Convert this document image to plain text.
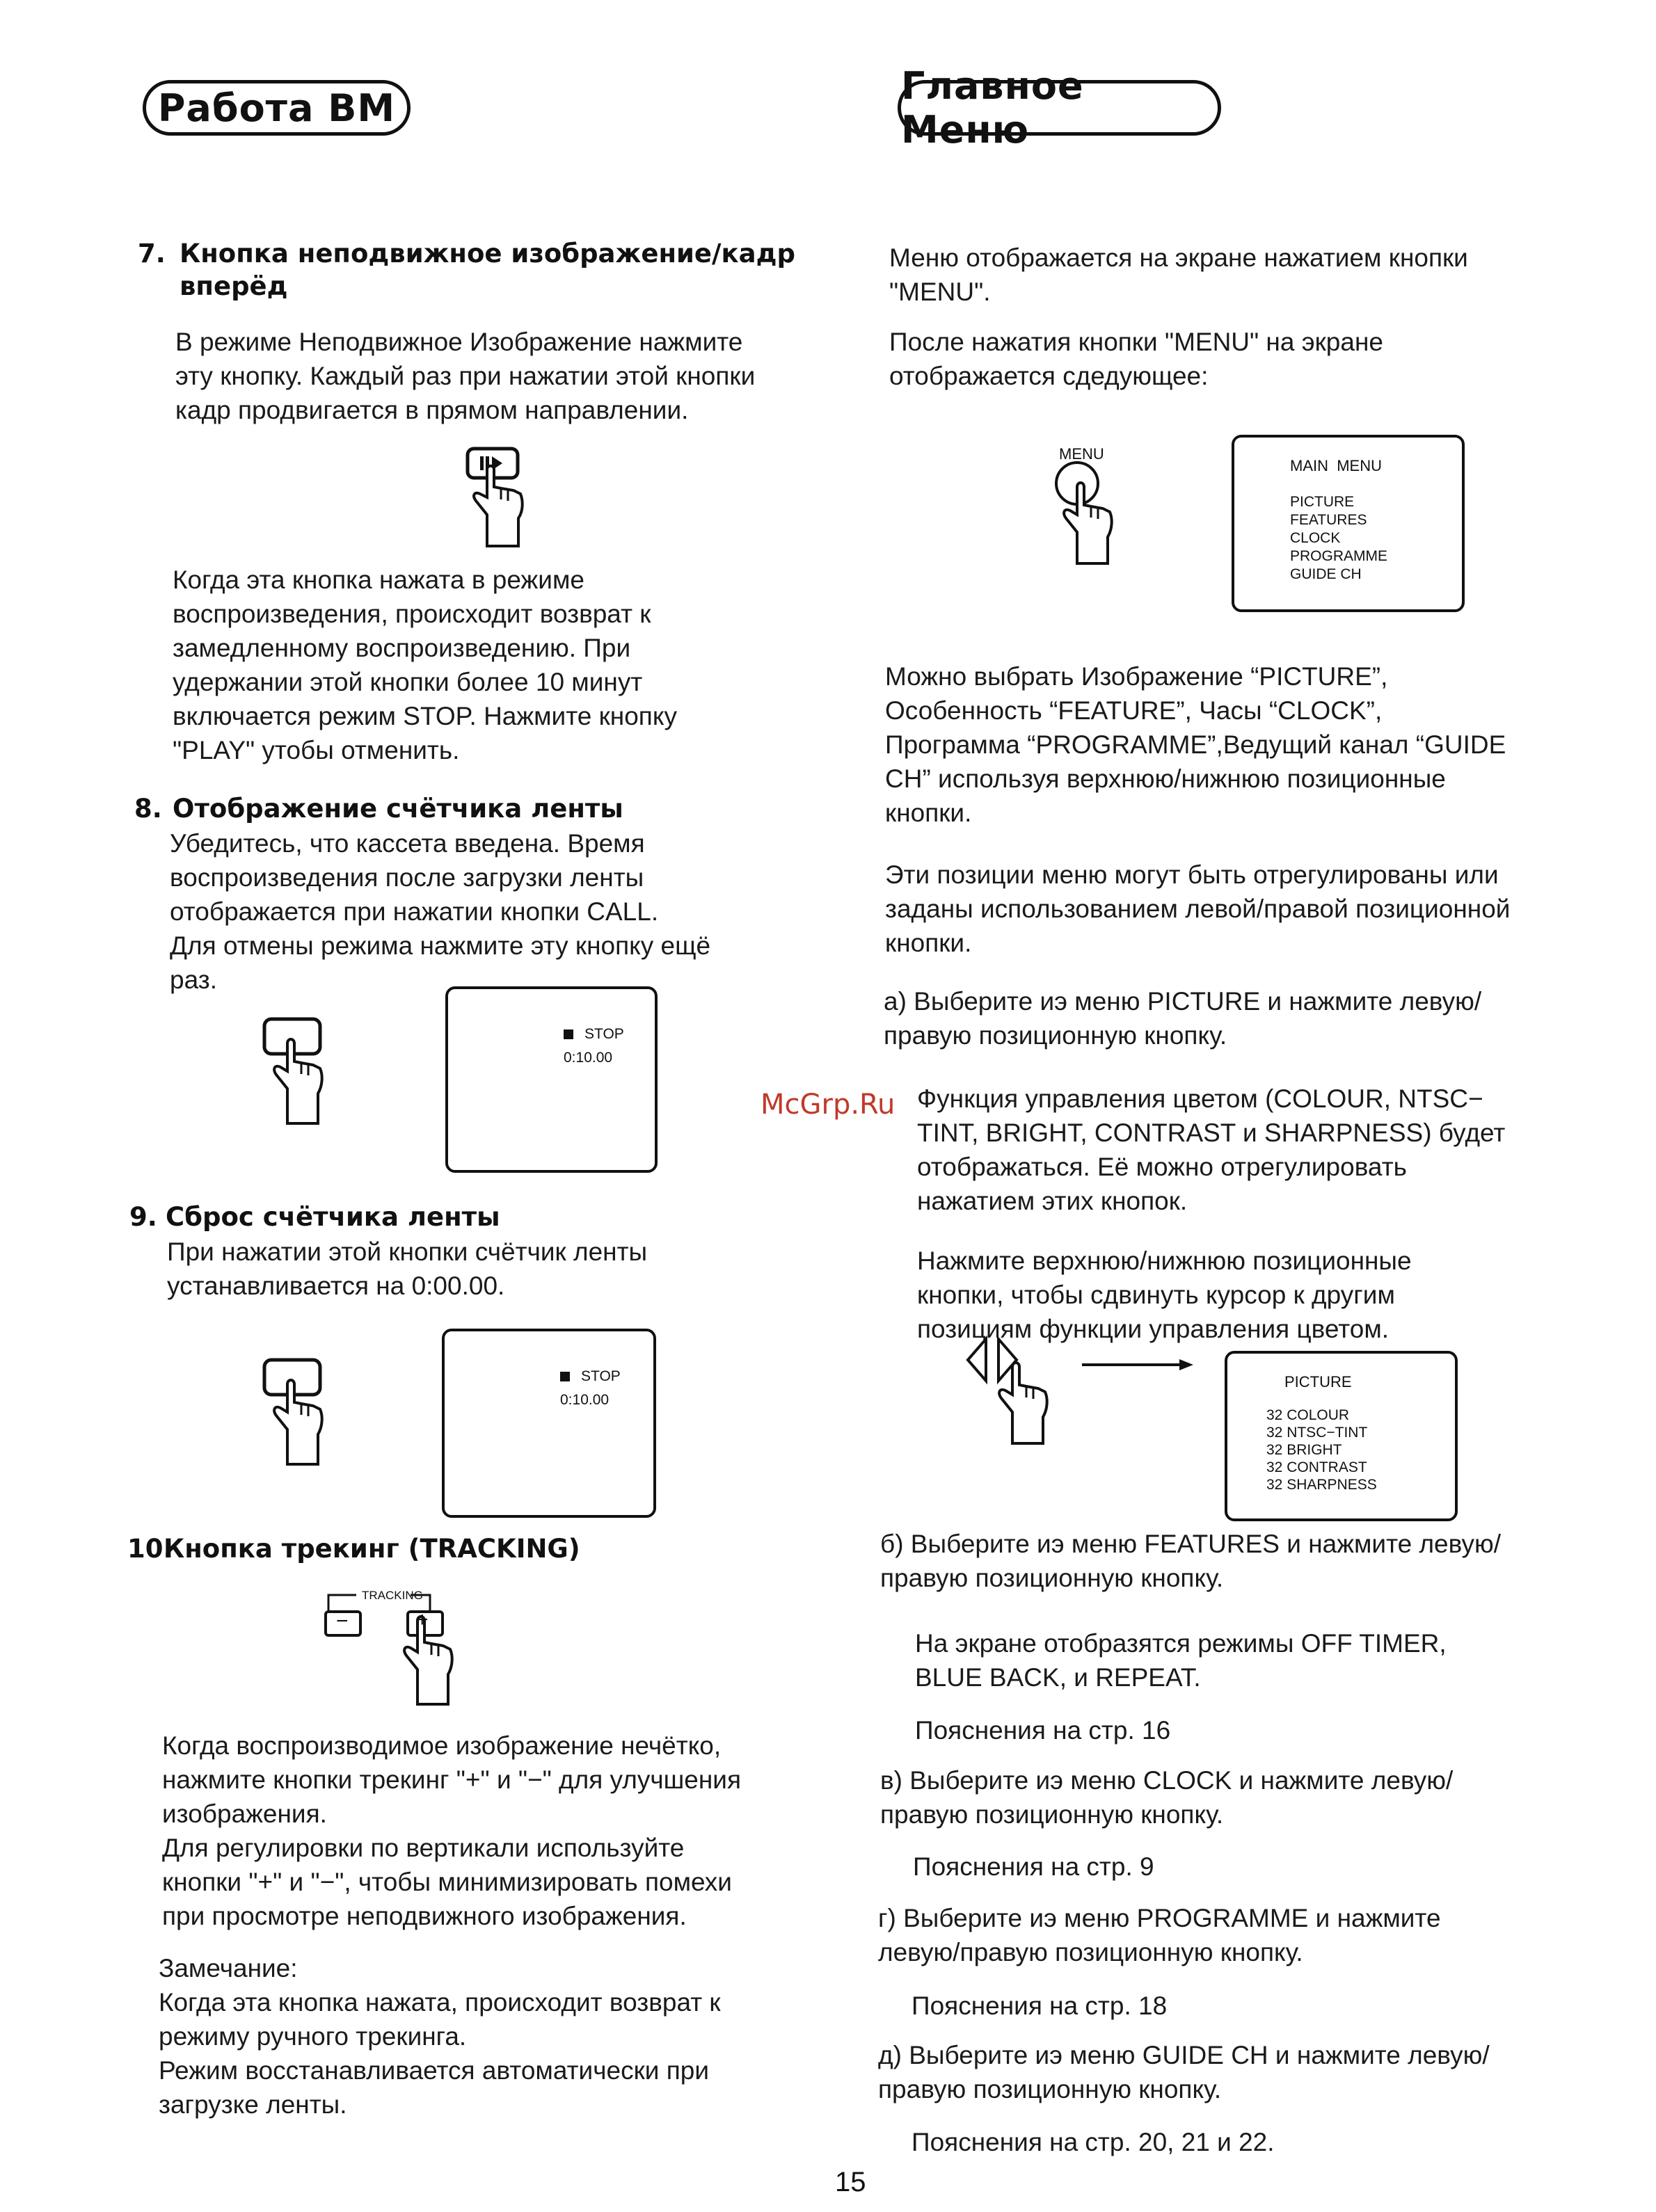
Работа ВМ	Главное Меню
7. Кнопка неподвижное изображение/кадр
вперёд
В режиме Неподвижное Изображение нажмите
эту кнопку. Каждый раз при нажатии этой кнопки
кадр продвигается в прямом направлении.
Когда эта кнопка нажата в режиме
воспроизведения, происходит возврат к
замедленному воспроизведению. При
удержании этой кнопки более 10 минут
включается режим STOP. Нажмите кнопку
"PLAY" утобы отменить.
8. Отображение счётчика ленты
Убедитесь, что кассета введена. Время
воспроизведения после загрузки ленты
отображается при нажатии кнопки CALL.
Для отмены режима нажмите эту кнопку ещё
раз.
STOP
0:10.00
9. Сброс счётчика ленты
При нажатии этой кнопки счётчик ленты
устанавливается на 0:00.00.
STOP
0:10.00
10.
Кнопка трекинг (TRACKING)
TRACKING
−	+
Когда воспроизводимое изображение нечётко,
нажмите кнопки трекинг "+" и "−" для улучшения
изображения.
Для регулировки по вертикали используйте
кнопки "+" и "−", чтобы минимизировать помехи
при просмотре неподвижного изображения.
Замечание:
Когда эта кнопка нажата, происходит возврат к
режиму ручного трекинга.
Режим восстанавливается автоматически при
загрузке ленты.
McGrp.Ru
Меню отображается на экране нажатием кнопки
"MENU".
После нажатия кнопки "MENU" на экране
отображается сдедующее:
MENU
MAIN  MENU
PICTURE
FEATURES
CLOCK
PROGRAMME
GUIDE CH
Можно выбрать Изображение “PICTURE”,
Особенность “FEATURE”, Часы “CLOCK”,
Программа “PROGRAMME”,Ведущий канал “GUIDE
CH” используя верхнюю/нижнюю позиционные
кнопки.
Эти позиции меню могут быть отрегулированы или
заданы использованием левой/правой позиционной
кнопки.
а) Выберите иэ меню PICTURE и нажмите левую/
правую позиционную кнопку.
Функция управления цветом (COLOUR, NTSC−
TINT, BRIGHT, CONTRAST и SHARPNESS) будет
отображаться. Её можно отрегулировать
нажатием этих кнопок.
Нажмите верхнюю/нижнюю позиционные
кнопки, чтобы сдвинуть курсор к другим
позициям функции управления цветом.
PICTURE
32 COLOUR
32 NTSC−TINT
32 BRIGHT
32 CONTRAST
32 SHARPNESS
б) Выберите иэ меню FEATURES и нажмите левую/
правую позиционную кнопку.
На экране отобразятся режимы OFF TIMER,
BLUE BACK, и REPEAT.
Пояснения на стр. 16
в) Выберите иэ меню CLOCK и нажмите левую/
правую позиционную кнопку.
Пояснения на стр. 9
г) Выберите иэ меню PROGRAMME и нажмите
левую/правую позиционную кнопку.
Пояснения на стр. 18
д) Выберите иэ меню GUIDE CH и нажмите левую/
правую позиционную кнопку.
Пояснения на стр. 20, 21 и 22.
15
